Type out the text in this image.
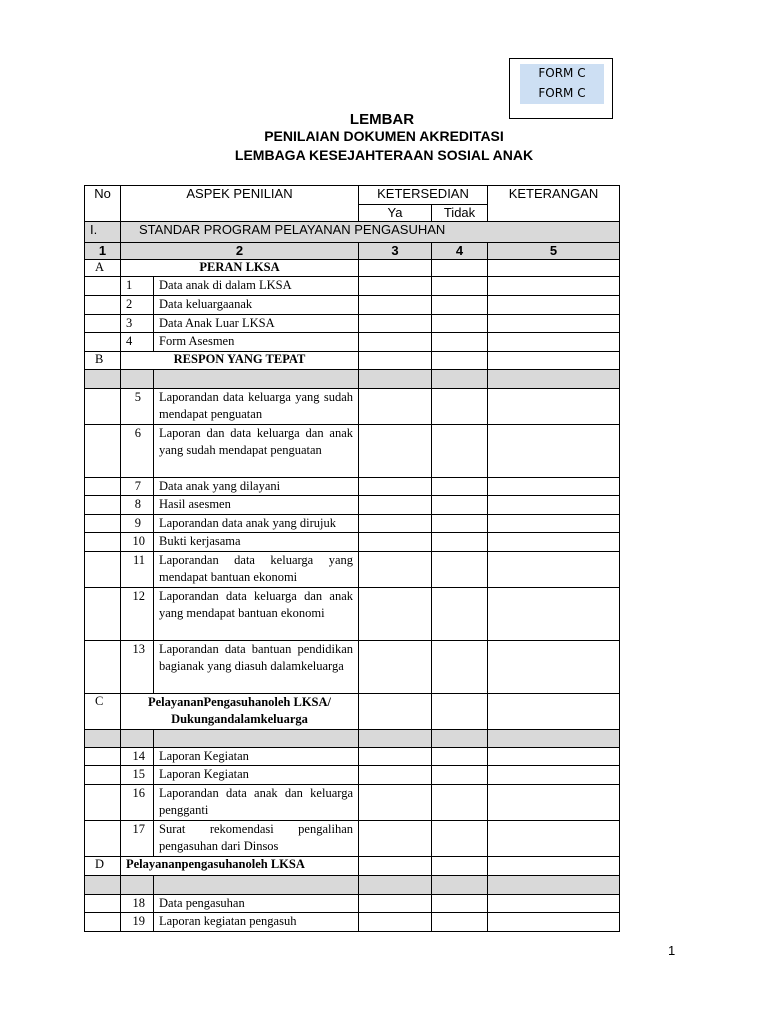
FORM C
FORM C
LEMBAR
PENILAIAN DOKUMEN AKREDITASI
LEMBAGA KESEJAHTERAAN SOSIAL ANAK
No	ASPEK PENILIAN		KETERSEDIAN		KETERANGAN
			Ya	Tidak	
I.	STANDAR PROGRAM PELAYANAN PENGASUHAN				
1	2		3	4	5
A	PERAN LKSA				
	1	Data anak di dalam LKSA			
	2	Data keluargaanak			
	3	Data Anak Luar LKSA			
	4	Form Asesmen			
B	RESPON YANG TEPAT				

	5	Laporandan data keluarga yang sudah mendapat penguatan			
	6	Laporan dan data keluarga dan anak yang sudah mendapat penguatan			
	7	Data anak yang dilayani			
	8	Hasil asesmen			
	9	Laporandan data anak yang dirujuk			
	10	Bukti kerjasama			
	11	Laporandan data keluarga yang mendapat bantuan ekonomi			
	12	Laporandan data keluarga dan anak yang mendapat bantuan ekonomi			
	13	Laporandan data bantuan pendidikan bagianak yang diasuh dalamkeluarga			
C	PelayananPengasuhanoleh LKSA/ Dukungandalamkeluarga				

	14	Laporan Kegiatan			
	15	Laporan Kegiatan			
	16	Laporandan data anak dan keluarga pengganti			
	17	Surat rekomendasi pengalihan pengasuhan dari Dinsos			
D	Pelayananpengasuhanoleh LKSA				

	18	Data pengasuhan			
	19	Laporan kegiatan pengasuh			
1
